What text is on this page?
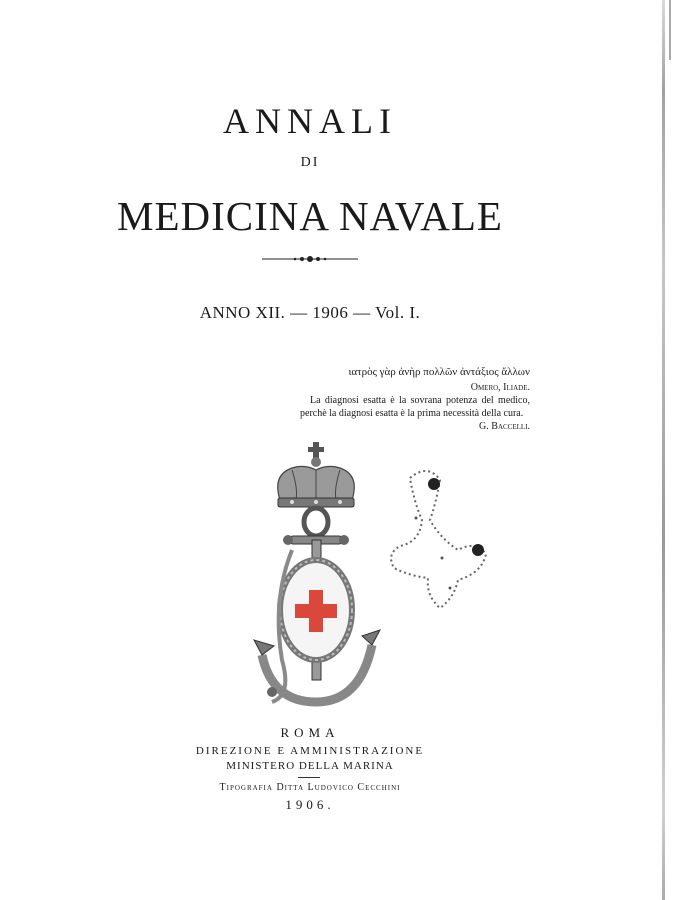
ANNALI
DI
MEDICINA NAVALE
ANNO XII. — 1906 — Vol. I.
ιατρὸς γὰρ ἀνὴρ πολλῶν ἀντάξιος ἄλλων
Omero, Iliade.
La diagnosi esatta è la sovrana potenza del medico, perchè la diagnosi esatta è la prima necessità della cura.
G. Baccelli.
ROMA
DIREZIONE E AMMINISTRAZIONE
MINISTERO DELLA MARINA
Tipografia Ditta Ludovico Cecchini
1906.
